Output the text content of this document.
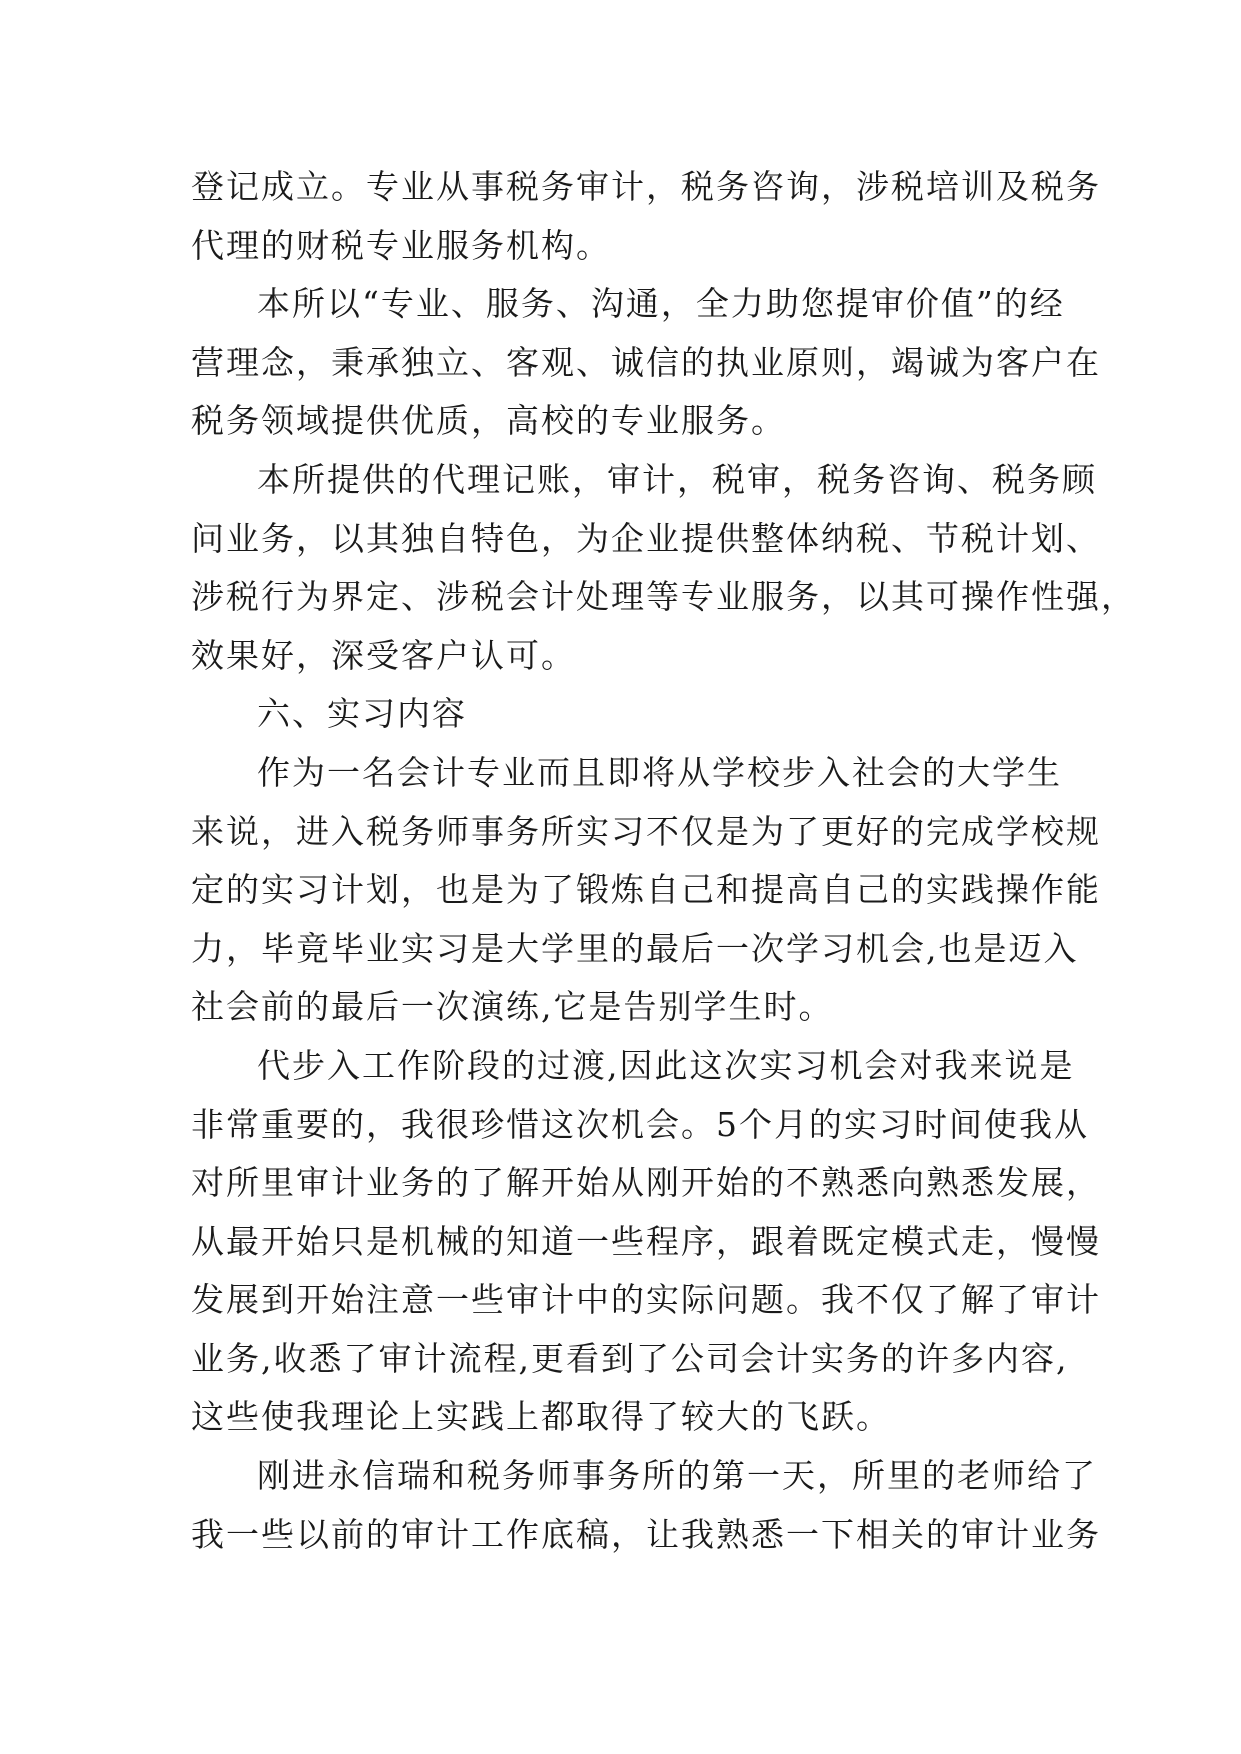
登记成立。专业从事税务审计，税务咨询，涉税培训及税务
代理的财税专业服务机构。
本所以“专业、服务、沟通，全力助您提审价值”的经
营理念，秉承独立、客观、诚信的执业原则，竭诚为客户在
税务领域提供优质，高校的专业服务。
本所提供的代理记账，审计，税审，税务咨询、税务顾
问业务，以其独自特色，为企业提供整体纳税、节税计划、
涉税行为界定、涉税会计处理等专业服务，以其可操作性强，
效果好，深受客户认可。
六、实习内容
作为一名会计专业而且即将从学校步入社会的大学生
来说，进入税务师事务所实习不仅是为了更好的完成学校规
定的实习计划，也是为了锻炼自己和提高自己的实践操作能
力，毕竟毕业实习是大学里的最后一次学习机会,也是迈入
社会前的最后一次演练,它是告别学生时。
代步入工作阶段的过渡,因此这次实习机会对我来说是
非常重要的，我很珍惜这次机会。5个月的实习时间使我从
对所里审计业务的了解开始从刚开始的不熟悉向熟悉发展，
从最开始只是机械的知道一些程序，跟着既定模式走，慢慢
发展到开始注意一些审计中的实际问题。我不仅了解了审计
业务,收悉了审计流程,更看到了公司会计实务的许多内容,
这些使我理论上实践上都取得了较大的飞跃。
刚进永信瑞和税务师事务所的第一天，所里的老师给了
我一些以前的审计工作底稿，让我熟悉一下相关的审计业务
